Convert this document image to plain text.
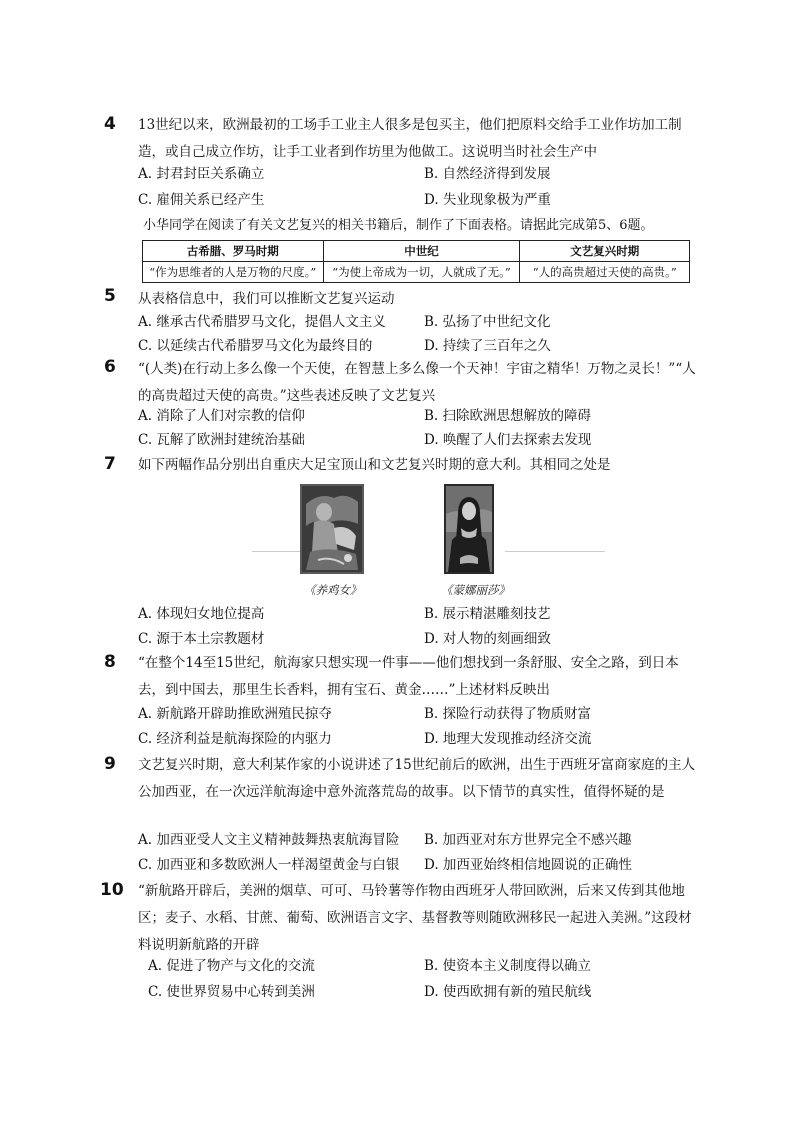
4 13世纪以来，欧洲最初的工场手工业主人很多是包买主，他们把原料交给手工业作坊加工制造，或自己成立作坊，让手工业者到作坊里为他做工。这说明当时社会生产中

A. 封君封臣关系确立	B. 自然经济得到发展
C. 雇佣关系已经产生	D. 失业现象极为严重
小华同学在阅读了有关文艺复兴的相关书籍后，制作了下面表格。请据此完成第5、6题。
古希腊、罗马时期	中世纪	文艺复兴时期
“作为思维者的人是万物的尺度。”	“为使上帝成为一切，人就成了无。”	“人的高贵超过天使的高贵。”
5 从表格信息中，我们可以推断文艺复兴运动

A. 继承古代希腊罗马文化，提倡人文主义	B. 弘扬了中世纪文化
C. 以延续古代希腊罗马文化为最终目的	D. 持续了三百年之久
6 “(人类)在行动上多么像一个天使，在智慧上多么像一个天神！宇宙之精华！万物之灵长！”“人的高贵超过天使的高贵。”这些表述反映了文艺复兴

A. 消除了人们对宗教的信仰	B. 扫除欧洲思想解放的障碍
C. 瓦解了欧洲封建统治基础	D. 唤醒了人们去探索去发现
7 如下两幅作品分别出自重庆大足宝顶山和文艺复兴时期的意大利。其相同之处是

《养鸡女》	《蒙娜丽莎》
A. 体现妇女地位提高	B. 展示精湛雕刻技艺
C. 源于本土宗教题材	D. 对人物的刻画细致
8 “在整个14至15世纪，航海家只想实现一件事——他们想找到一条舒服、安全之路，到日本去，到中国去，那里生长香料，拥有宝石、黄金……”上述材料反映出

A. 新航路开辟助推欧洲殖民掠夺	B. 探险行动获得了物质财富
C. 经济利益是航海探险的内驱力	D. 地理大发现推动经济交流
9 文艺复兴时期，意大利某作家的小说讲述了15世纪前后的欧洲，出生于西班牙富商家庭的主人公加西亚，在一次远洋航海途中意外流落荒岛的故事。以下情节的真实性，值得怀疑的是

A. 加西亚受人文主义精神鼓舞热衷航海冒险 B. 加西亚对东方世界完全不感兴趣
C. 加西亚和多数欧洲人一样渴望黄金与白银 D. 加西亚始终相信地圆说的正确性
10 “新航路开辟后，美洲的烟草、可可、马铃薯等作物由西班牙人带回欧洲，后来又传到其他地区；麦子、水稻、甘蔗、葡萄、欧洲语言文字、基督教等则随欧洲移民一起进入美洲。”这段材料说明新航路的开辟

A. 促进了物产与文化的交流	B. 使资本主义制度得以确立
C. 使世界贸易中心转到美洲	D. 使西欧拥有新的殖民航线
